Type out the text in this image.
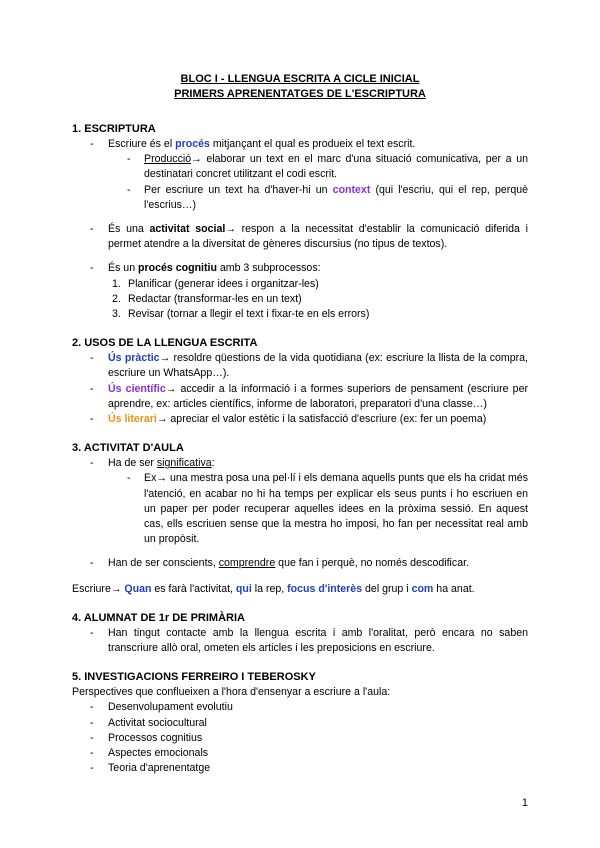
BLOC I - LLENGUA ESCRITA A CICLE INICIAL
PRIMERS APRENENTATGES DE L'ESCRIPTURA
1. ESCRIPTURA
- Escriure és el procés mitjançant el qual es produeix el text escrit.
- Producció→ elaborar un text en el marc d'una situació comunicativa, per a un destinatari concret utilitzant el codi escrit.
- Per escriure un text ha d'haver-hi un context (qui l'escriu, qui el rep, perquè l'escrius…)
- És una activitat social→ respon a la necessitat d'establir la comunicació diferida i permet atendre a la diversitat de gèneres discursius (no tipus de textos).
- És un procés cognitiu amb 3 subprocessos:
1. Planificar (generar idees i organitzar-les)
2. Redactar (transformar-les en un text)
3. Revisar (tornar a llegir el text i fixar-te en els errors)
2. USOS DE LA LLENGUA ESCRITA
- Ús pràctic→ resoldre qüestions de la vida quotidiana (ex: escriure la llista de la compra, escriure un WhatsApp…).
- Ús científic→ accedir a la informació i a formes superiors de pensament (escriure per aprendre, ex: articles científics, informe de laboratori, preparatori d'una classe…)
- Ús literari→ apreciar el valor estètic i la satisfacció d'escriure (ex: fer un poema)
3. ACTIVITAT D'AULA
- Ha de ser significativa:
- Ex→ una mestra posa una pel·lí i els demana aquells punts que els ha cridat més l'atenció, en acabar no hi ha temps per explicar els seus punts i ho escriuen en un paper per poder recuperar aquelles idees en la pròxima sessió. En aquest cas, ells escriuen sense que la mestra ho imposi, ho fan per necessitat real amb un propòsit.
- Han de ser conscients, comprendre que fan i perquè, no només descodificar.
Escriure→ Quan es farà l'activitat, qui la rep, focus d'interès del grup i com ha anat.
4. ALUMNAT DE 1r DE PRIMÀRIA
- Han tingut contacte amb la llengua escrita i amb l'oralitat, però encara no saben transcriure allò oral, ometen els articles i les preposicions en escriure.
5. INVESTIGACIONS FERREIRO I TEBEROSKY
Perspectives que conflueixen a l'hora d'ensenyar a escriure a l'aula:
- Desenvolupament evolutiu
- Activitat sociocultural
- Processos cognitius
- Aspectes emocionals
- Teoria d'aprenentatge
1
